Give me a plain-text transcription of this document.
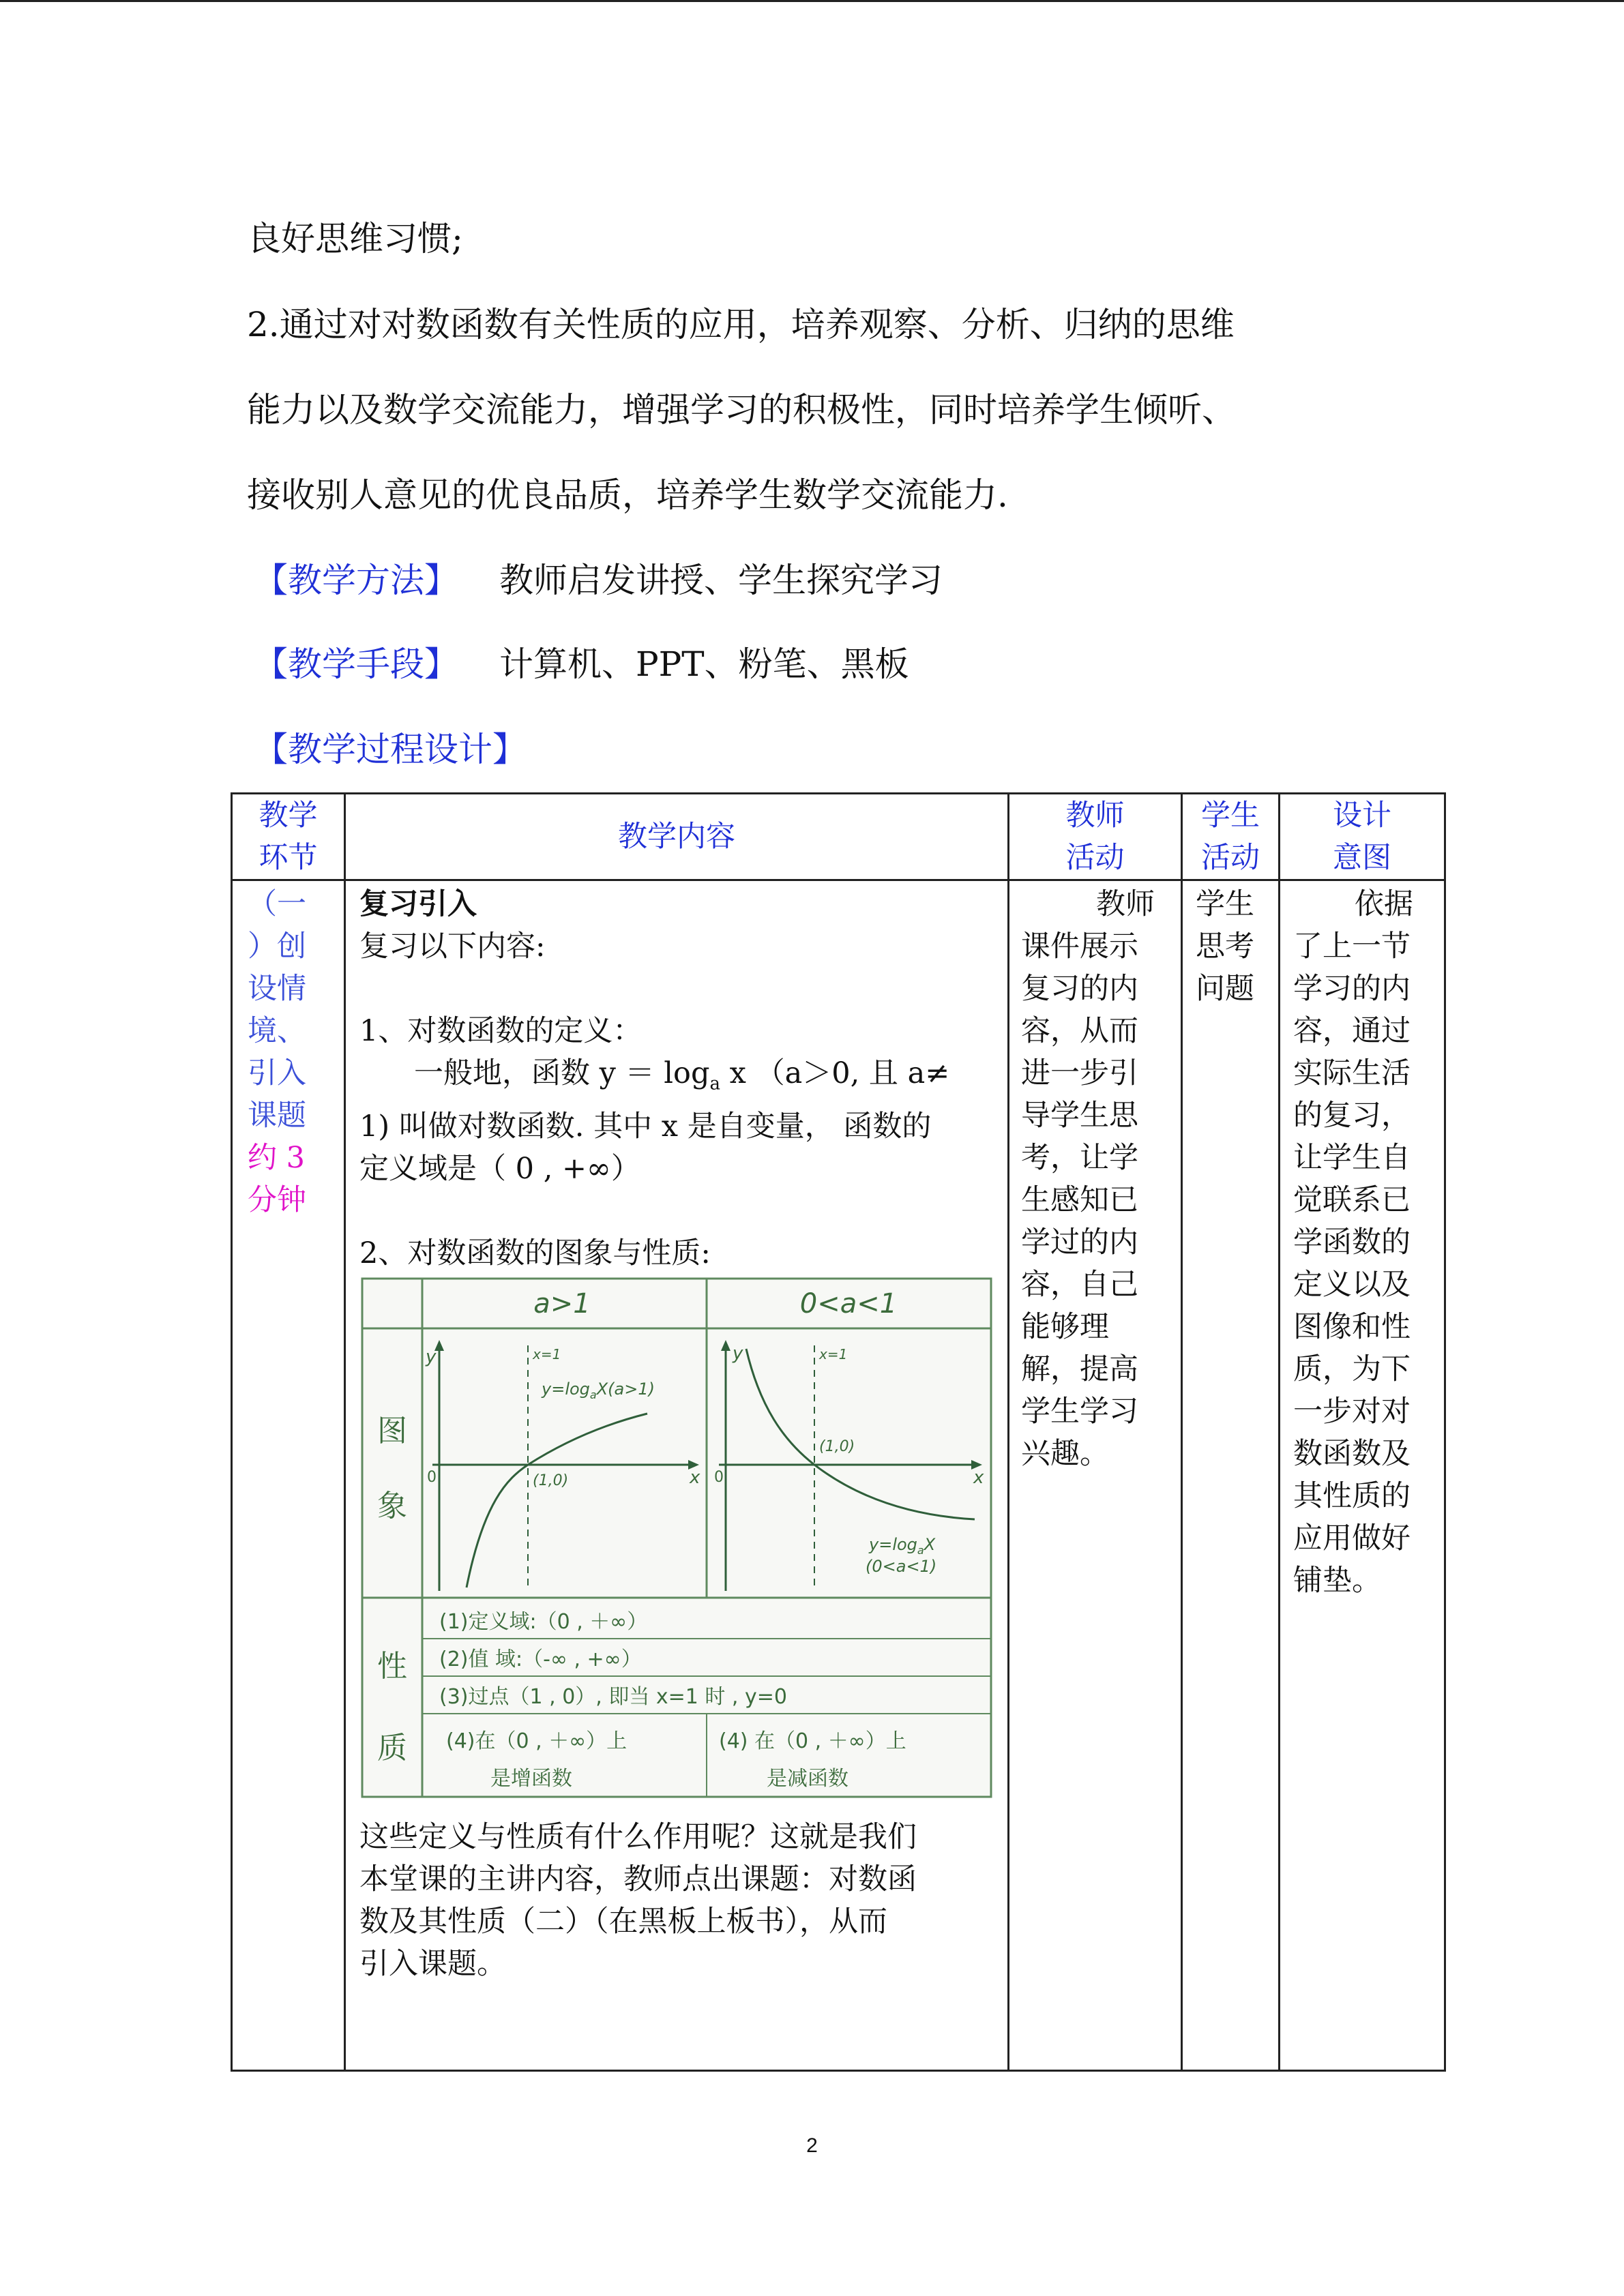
良好思维习惯;
2.通过对对数函数有关性质的应用，培养观察、分析、归纳的思维
能力以及数学交流能力，增强学习的积极性，同时培养学生倾听、
接收别人意见的优良品质，培养学生数学交流能力.
【教学方法】 教师启发讲授、学生探究学习
【教学手段】 计算机、PPT、粉笔、黑板
【教学过程设计】
教学
环节
教学内容
教师
活动
学生
活动
设计
意图
（一
）创
设情
境、
引入
课题
约 3
分钟
复习引入
复习以下内容:
1、对数函数的定义：
一般地，函数 $y = \log_a x$ （a＞0, 且 a≠
1) 叫做对数函数. 其中 x 是自变量， 函数的
定义域是（ 0 , +∞）
2、对数函数的图象与性质:
这些定义与性质有什么作用呢？这就是我们
本堂课的主讲内容，教师点出课题：对数函
数及其性质（二）（在黑板上板书），从而
引入课题。
a>1	0<a<1
图
象
性
质
y
x
0
x=1
(1,0)
$y=\log_aX(a>1)$
y
x
0
x=1
(1,0)
$y=\log_aX$
(0<a<1)
(1)定义域:（0 , ＋∞）
(2)值 域:（-∞ , +∞）
(3)过点（1 , 0）, 即当 x=1 时 , y=0
(4)在（0 , ＋∞）上
是增函数
(4) 在（0 , ＋∞）上
是减函数
教师
课件展示
复习的内
容，从而
进一步引
导学生思
考，让学
生感知已
学过的内
容，自己
能够理
解，提高
学生学习
兴趣。
学生
思考
问题
依据
了上一节
学习的内
容，通过
实际生活
的复习，
让学生自
觉联系已
学函数的
定义以及
图像和性
质，为下
一步对对
数函数及
其性质的
应用做好
铺垫。
2
